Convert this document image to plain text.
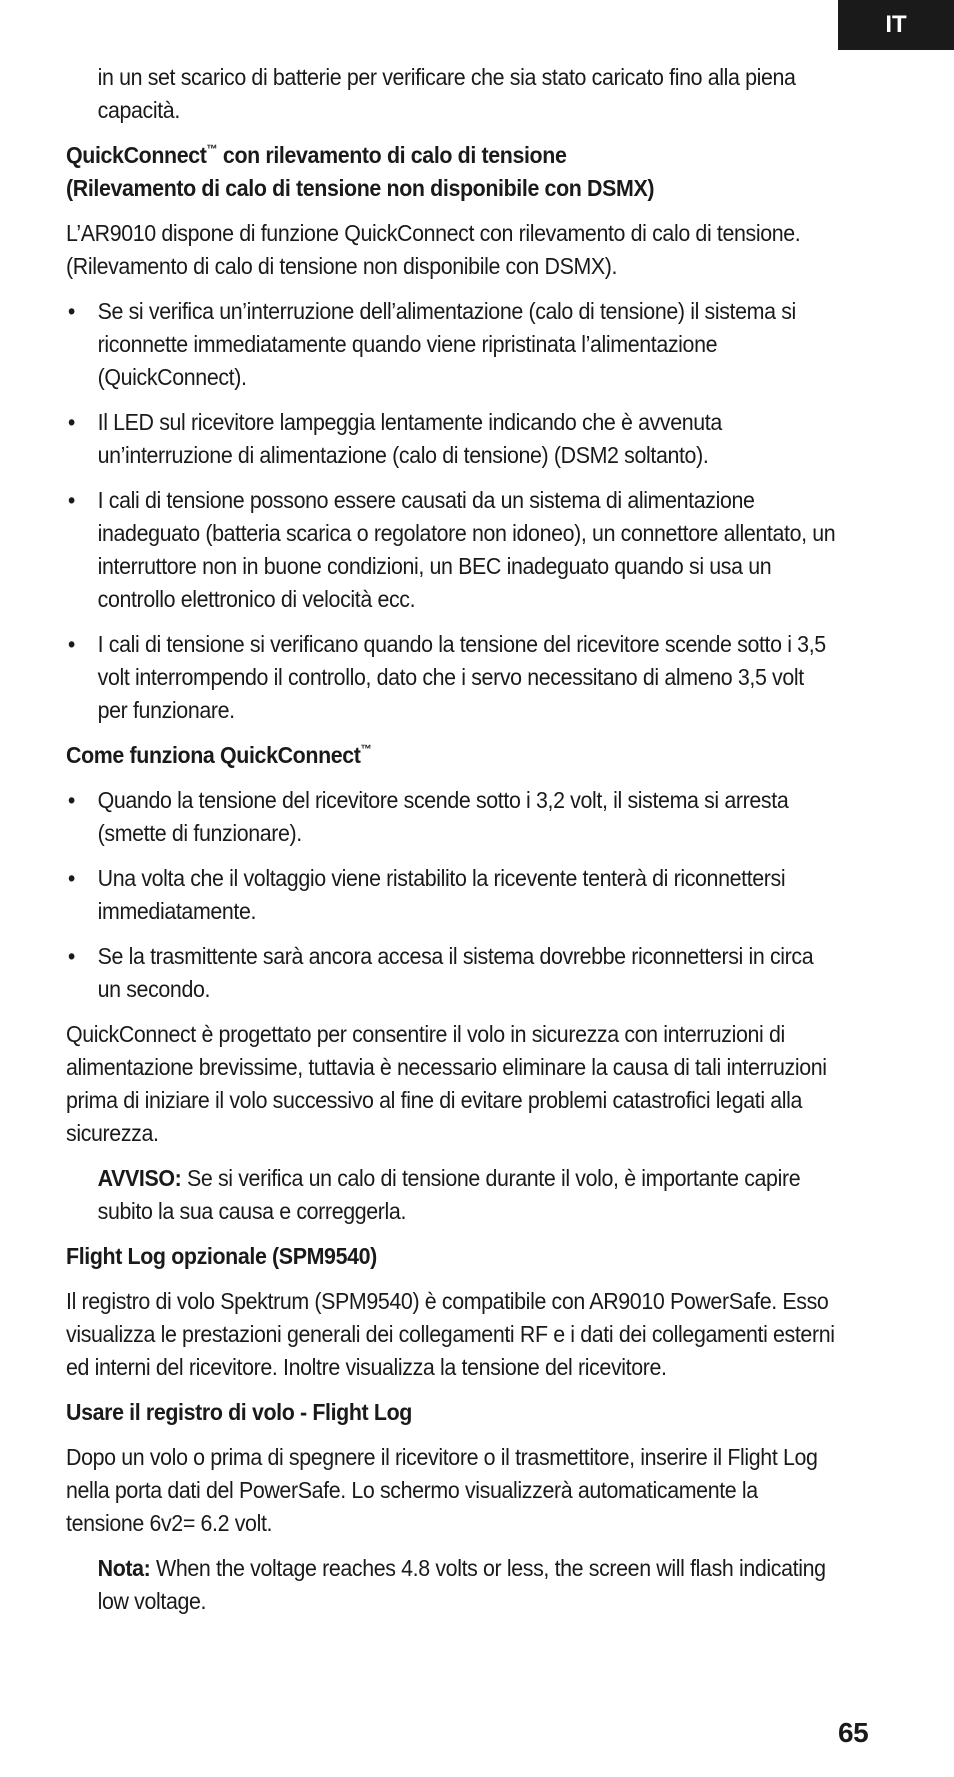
IT

in un set scarico di batterie per verificare che sia stato caricato fino alla piena capacità.

QuickConnect™ con rilevamento di calo di tensione
(Rilevamento di calo di tensione non disponibile con DSMX)

L’AR9010 dispone di funzione QuickConnect con rilevamento di calo di tensione. (Rilevamento di calo di tensione non disponibile con DSMX).

• Se si verifica un’interruzione dell’alimentazione (calo di tensione) il sistema si riconnette immediatamente quando viene ripristinata l’alimentazione (QuickConnect).
• Il LED sul ricevitore lampeggia lentamente indicando che è avvenuta un’interruzione di alimentazione (calo di tensione) (DSM2 soltanto).
• I cali di tensione possono essere causati da un sistema di alimentazione inadeguato (batteria scarica o regolatore non idoneo), un connettore allentato, un interruttore non in buone condizioni, un BEC inadeguato quando si usa un controllo elettronico di velocità ecc.
• I cali di tensione si verificano quando la tensione del ricevitore scende sotto i 3,5 volt interrompendo il controllo, dato che i servo necessitano di almeno 3,5 volt
per funzionare.
Come funziona QuickConnect™
• Quando la tensione del ricevitore scende sotto i 3,2 volt, il sistema si arresta (smette di funzionare).
• Una volta che il voltaggio viene ristabilito la ricevente tenterà di riconnettersi immediatamente.
• Se la trasmittente sarà ancora accesa il sistema dovrebbe riconnettersi in circa un secondo.

QuickConnect è progettato per consentire il volo in sicurezza con interruzioni di alimentazione brevissime, tuttavia è necessario eliminare la causa di tali interruzioni prima di iniziare il volo successivo al fine di evitare problemi catastrofici legati alla sicurezza.

AVVISO: Se si verifica un calo di tensione durante il volo, è importante capire subito la sua causa e correggerla.

Flight Log opzionale (SPM9540)

Il registro di volo Spektrum (SPM9540) è compatibile con AR9010 PowerSafe. Esso visualizza le prestazioni generali dei collegamenti RF e i dati dei collegamenti esterni ed interni del ricevitore. Inoltre visualizza la tensione del ricevitore.

Usare il registro di volo - Flight Log

Dopo un volo o prima di spegnere il ricevitore o il trasmettitore, inserire il Flight Log nella porta dati del PowerSafe. Lo schermo visualizzerà automaticamente la tensione 6v2= 6.2 volt.

Nota: When the voltage reaches 4.8 volts or less, the screen will flash indicating low voltage.

65
